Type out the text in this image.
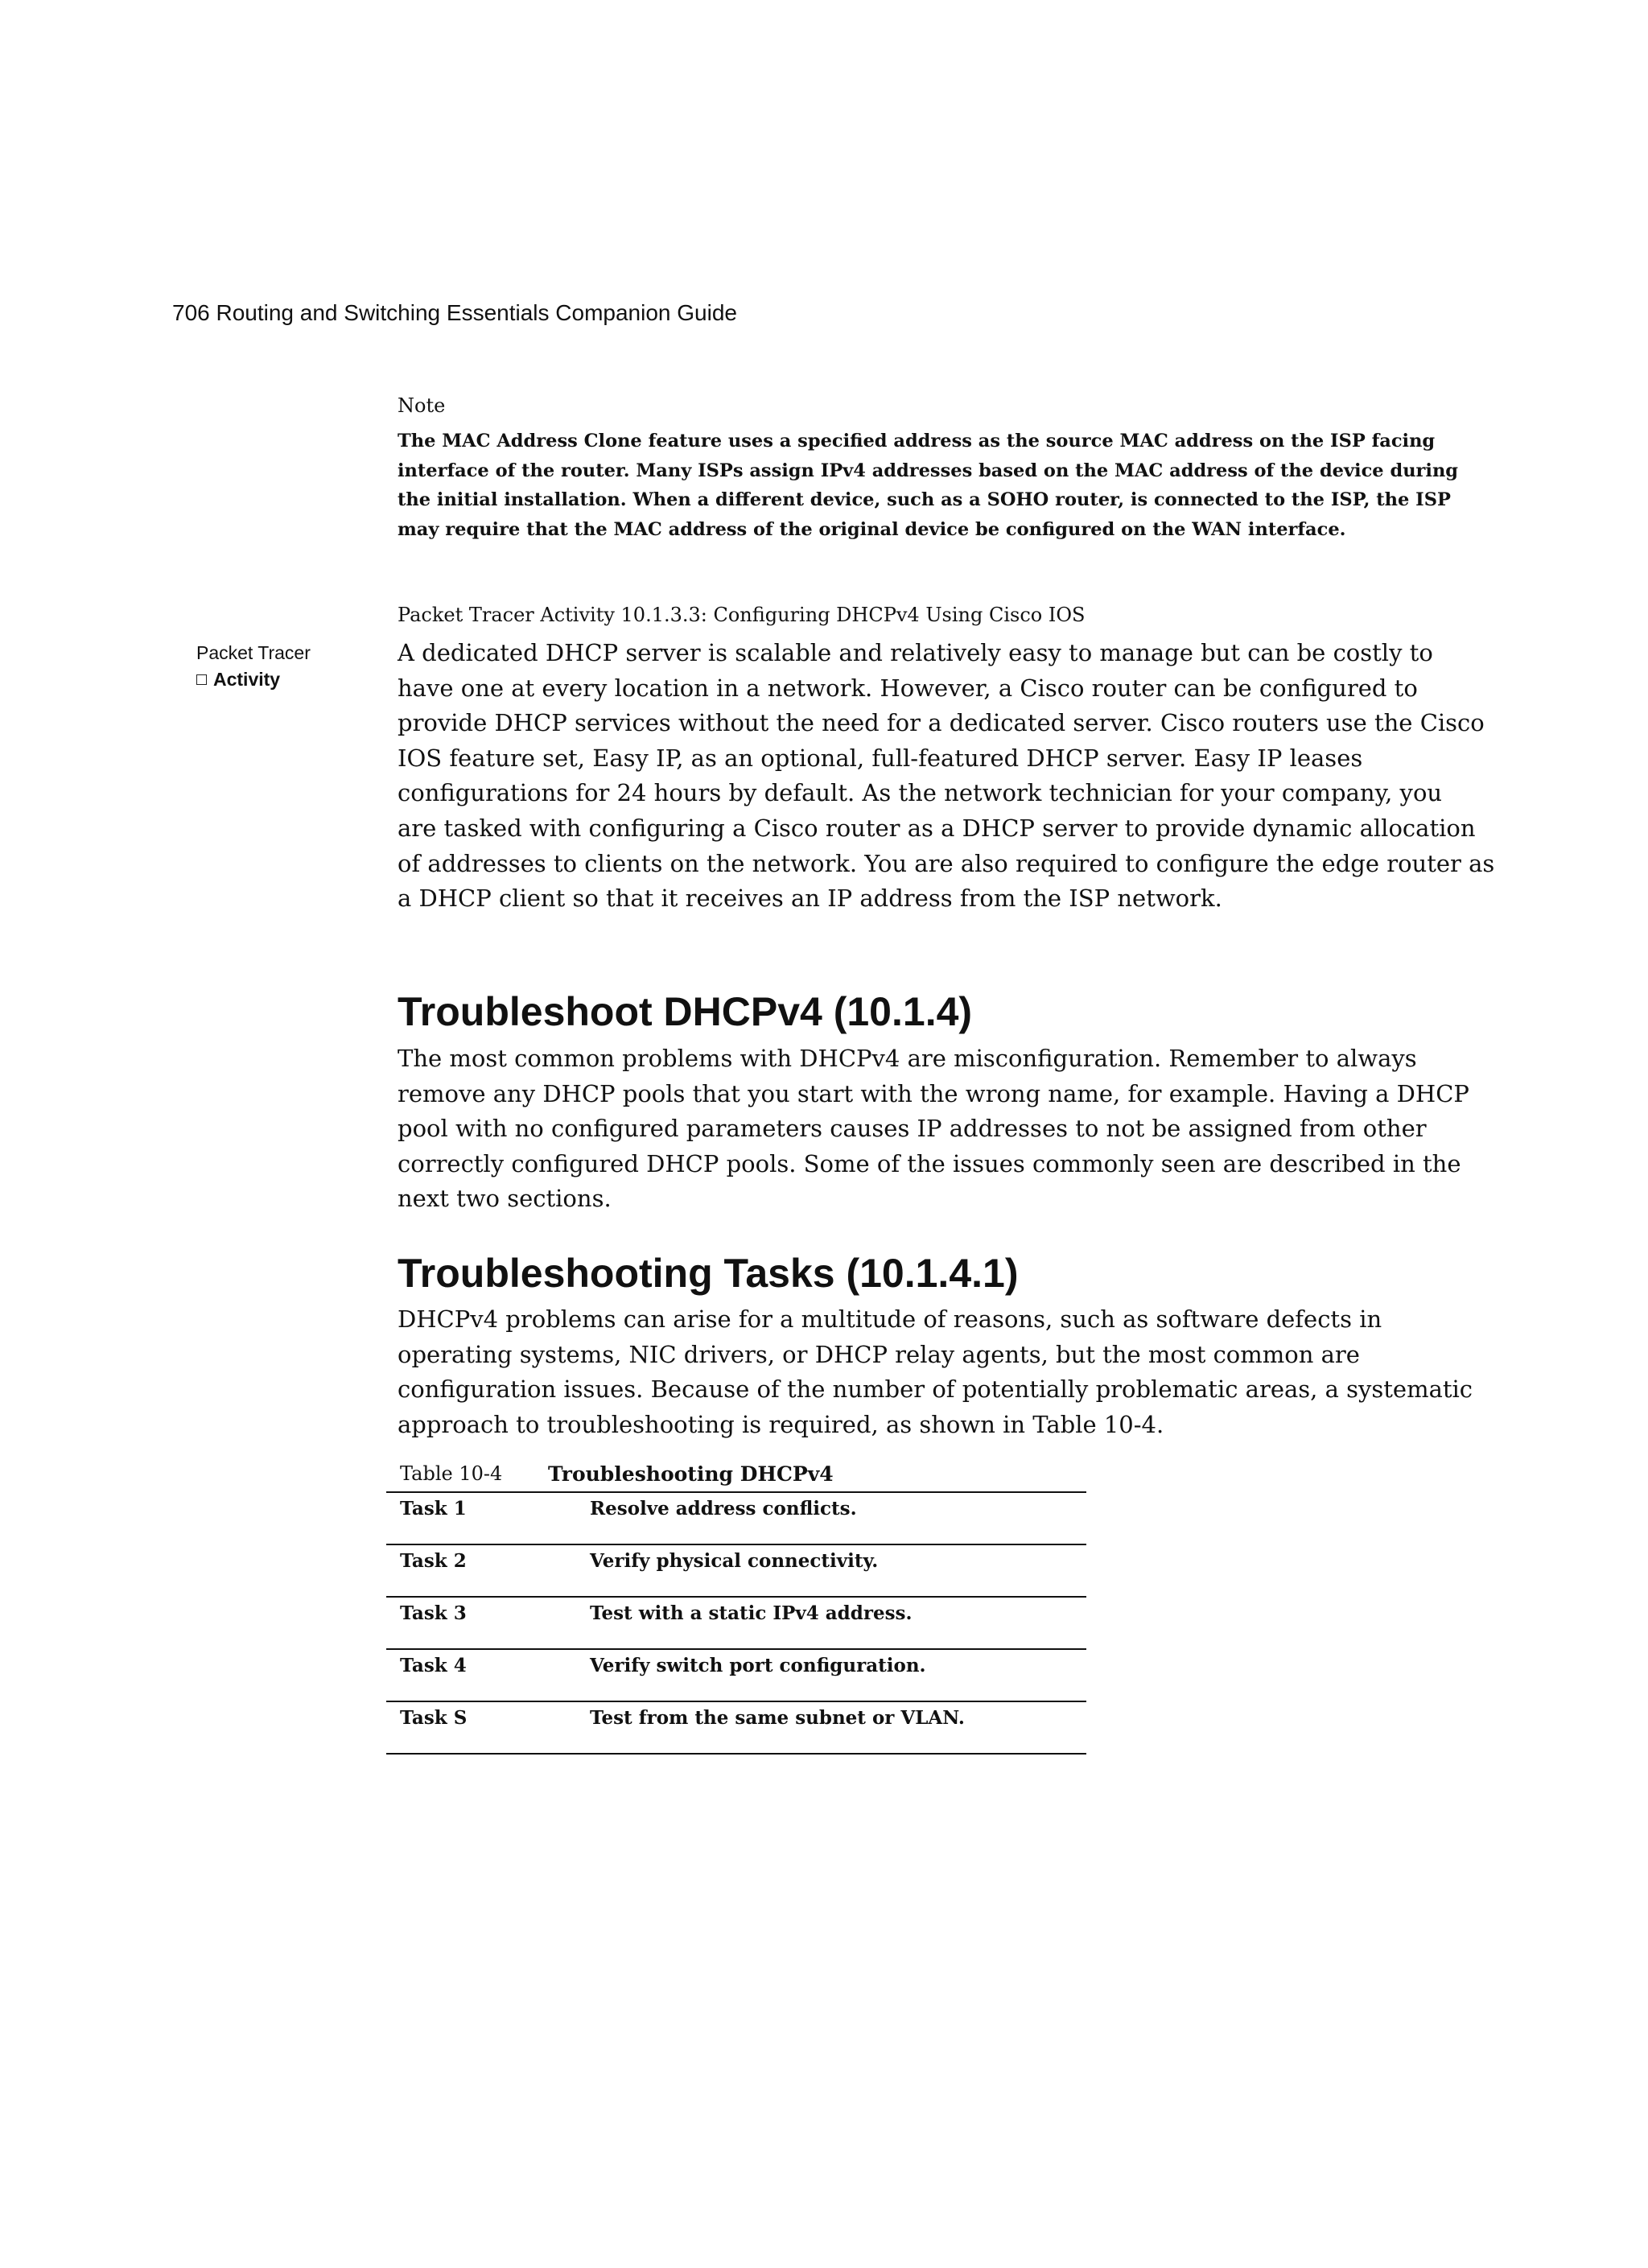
706 Routing and Switching Essentials Companion Guide
Note
The MAC Address Clone feature uses a specified address as the source MAC address on the ISP facing
interface of the router. Many ISPs assign IPv4 addresses based on the MAC address of the device during
the initial installation. When a different device, such as a SOHO router, is connected to the ISP, the ISP
may require that the MAC address of the original device be configured on the WAN interface.
Packet Tracer Activity 10.1.3.3: Configuring DHCPv4 Using Cisco IOS
Packet Tracer
Activity
A dedicated DHCP server is scalable and relatively easy to manage but can be costly to
have one at every location in a network. However, a Cisco router can be configured to
provide DHCP services without the need for a dedicated server. Cisco routers use the Cisco
IOS feature set, Easy IP, as an optional, full-featured DHCP server. Easy IP leases
configurations for 24 hours by default. As the network technician for your company, you
are tasked with configuring a Cisco router as a DHCP server to provide dynamic allocation
of addresses to clients on the network. You are also required to configure the edge router as
a DHCP client so that it receives an IP address from the ISP network.
Troubleshoot DHCPv4 (10.1.4)
The most common problems with DHCPv4 are misconfiguration. Remember to always
remove any DHCP pools that you start with the wrong name, for example. Having a DHCP
pool with no configured parameters causes IP addresses to not be assigned from other
correctly configured DHCP pools. Some of the issues commonly seen are described in the
next two sections.
Troubleshooting Tasks (10.1.4.1)
DHCPv4 problems can arise for a multitude of reasons, such as software defects in
operating systems, NIC drivers, or DHCP relay agents, but the most common are
configuration issues. Because of the number of potentially problematic areas, a systematic
approach to troubleshooting is required, as shown in Table 10-4.
Table 10-4 Troubleshooting DHCPv4
Task 1	Resolve address conflicts.
Task 2	Verify physical connectivity.
Task 3	Test with a static IPv4 address.
Task 4	Verify switch port configuration.
Task S	Test from the same subnet or VLAN.
